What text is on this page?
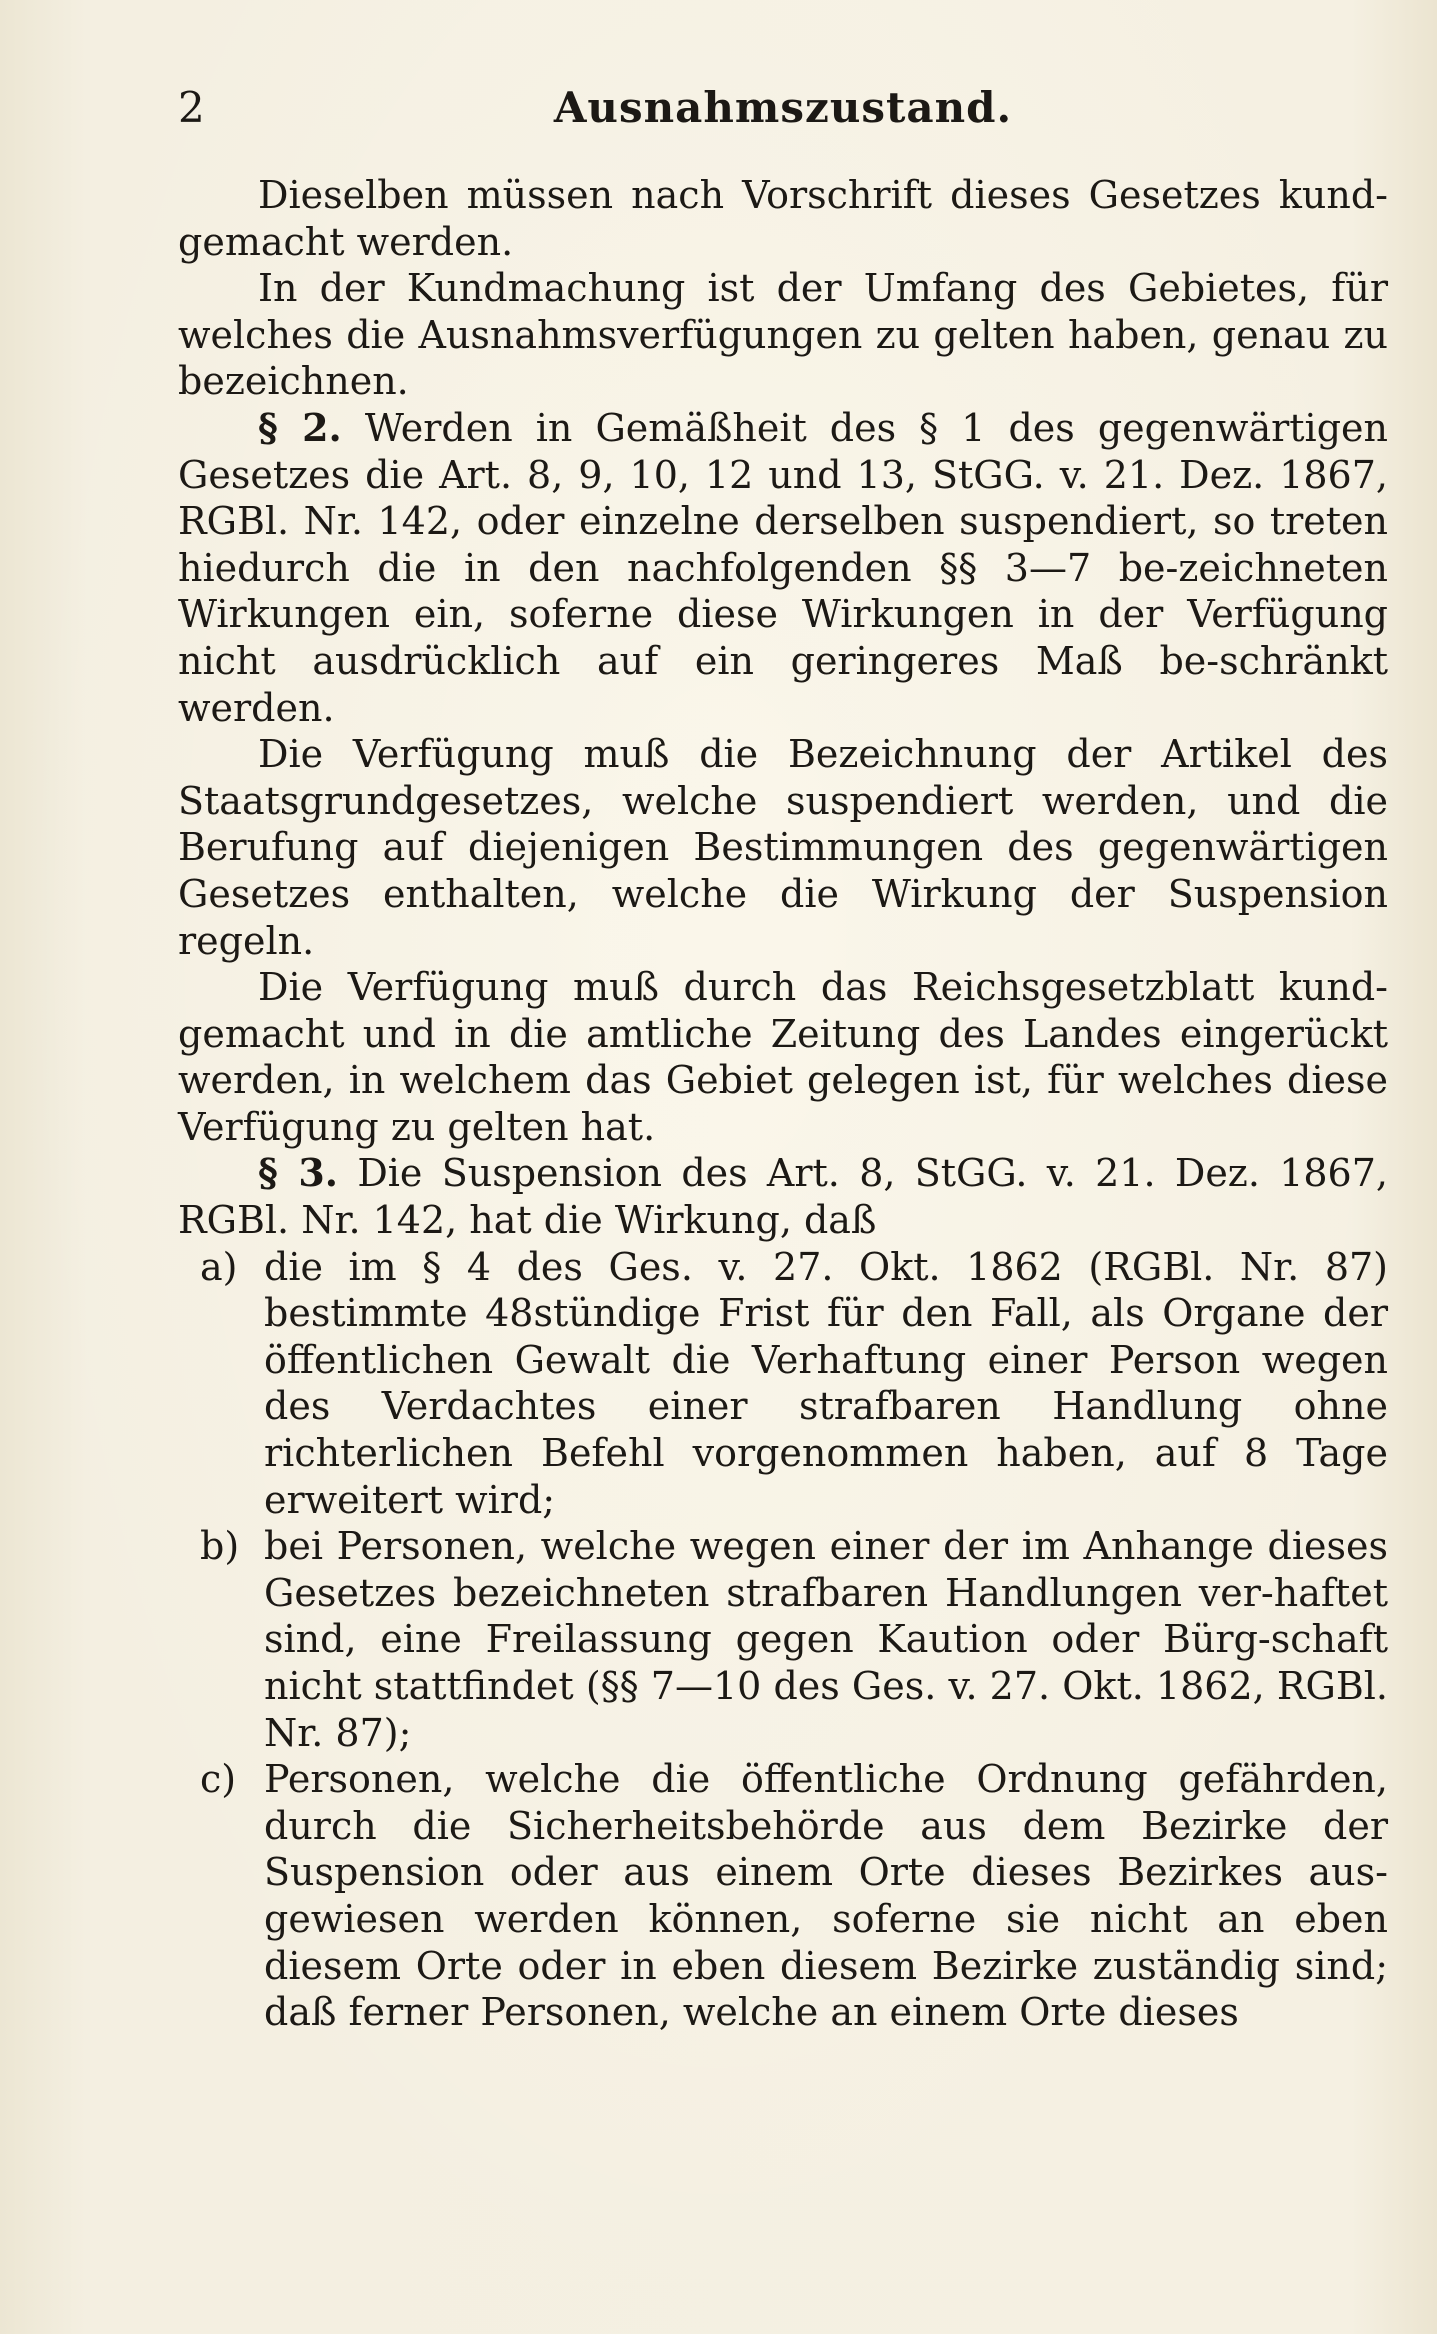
2	Ausnahmszustand.

Dieselben müssen nach Vorschrift dieses Gesetzes kund-gemacht werden.

In der Kundmachung ist der Umfang des Gebietes, für welches die Ausnahmsverfügungen zu gelten haben, genau zu bezeichnen.

§ 2. Werden in Gemäßheit des § 1 des gegenwärtigen Gesetzes die Art. 8, 9, 10, 12 und 13, StGG. v. 21. Dez. 1867, RGBl. Nr. 142, oder einzelne derselben suspendiert, so treten hiedurch die in den nachfolgenden §§ 3—7 be-zeichneten Wirkungen ein, soferne diese Wirkungen in der Verfügung nicht ausdrücklich auf ein geringeres Maß be-schränkt werden.

Die Verfügung muß die Bezeichnung der Artikel des Staatsgrundgesetzes, welche suspendiert werden, und die Berufung auf diejenigen Bestimmungen des gegenwärtigen Gesetzes enthalten, welche die Wirkung der Suspension regeln.

Die Verfügung muß durch das Reichsgesetzblatt kund-gemacht und in die amtliche Zeitung des Landes eingerückt werden, in welchem das Gebiet gelegen ist, für welches diese Verfügung zu gelten hat.

§ 3. Die Suspension des Art. 8, StGG. v. 21. Dez. 1867, RGBl. Nr. 142, hat die Wirkung, daß

a) die im § 4 des Ges. v. 27. Okt. 1862 (RGBl. Nr. 87) bestimmte 48stündige Frist für den Fall, als Organe der öffentlichen Gewalt die Verhaftung einer Person wegen des Verdachtes einer strafbaren Handlung ohne richterlichen Befehl vorgenommen haben, auf 8 Tage erweitert wird;
b) bei Personen, welche wegen einer der im Anhange dieses Gesetzes bezeichneten strafbaren Handlungen ver-haftet sind, eine Freilassung gegen Kaution oder Bürg-schaft nicht stattfindet (§§ 7—10 des Ges. v. 27. Okt. 1862, RGBl. Nr. 87);
c) Personen, welche die öffentliche Ordnung gefährden, durch die Sicherheitsbehörde aus dem Bezirke der Suspension oder aus einem Orte dieses Bezirkes aus-gewiesen werden können, soferne sie nicht an eben diesem Orte oder in eben diesem Bezirke zuständig sind; daß ferner Personen, welche an einem Orte dieses
